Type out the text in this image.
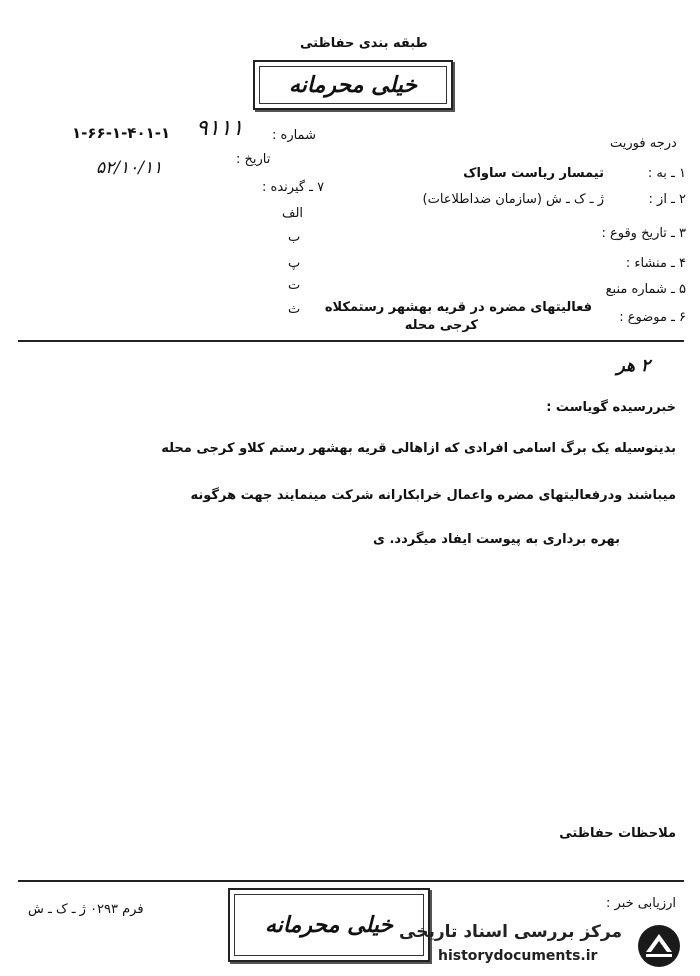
طبقه بندی حفاظتی
خیلی محرمانه
شماره :
۹۱۱۱
۱-۶۶-۱-۴۰۱-۱
تاریخ :
۵۲/۱۰/۱۱
درجه فوریت
۱ ـ به :
تیمسار ریاست ساواک
۲ ـ از :
ژ ـ ک ـ ش (سازمان ضداطلاعات)
۳ ـ تاریخ وقوع :
۴ ـ منشاء :
۵ ـ شماره منبع
۶ ـ موضوع :
فعالیتهای مضره در قریه بهشهر رستمکلاه
کرجی محله
۷ ـ گیرنده :
الف
ب
پ
ت
ث
۲ هر
خبررسیده گویاست :
بدینوسیله یک برگ اسامی افرادی که ازاهالی قریه بهشهر رستم کلاو کرجی محله
میباشند ودرفعالیتهای مضره واعمال خرابکارانه شرکت مینمایند جهت هرگونه
بهره برداری به پیوست ایفاد میگردد. ی
ملاحظات حفاظتی
ارزیابی خبر :
فرم ۰۲۹۳ ژ ـ ک ـ ش
خیلی محرمانه مرکز بررسی اسناد تاریخی
historydocuments.ir
